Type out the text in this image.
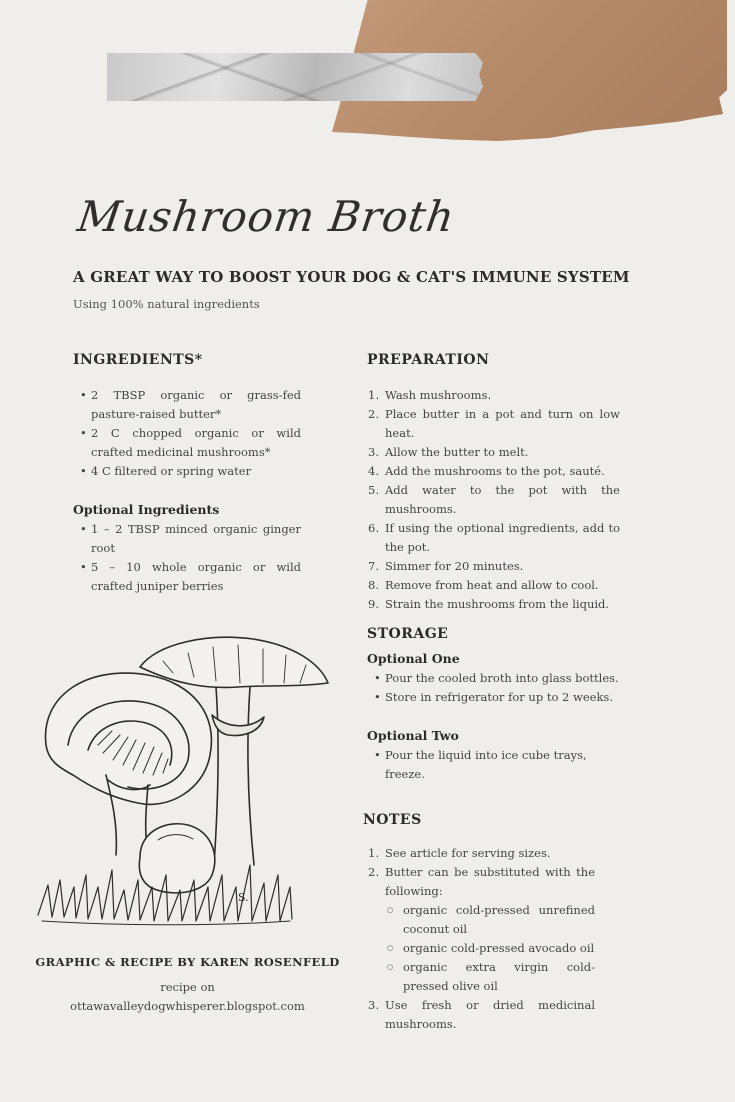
Mushroom Broth
A GREAT WAY TO BOOST YOUR DOG & CAT'S IMMUNE SYSTEM
Using 100% natural ingredients
INGREDIENTS*
• 2 TBSP organic or grass-fed pasture-raised butter*
• 2 C chopped organic or wild crafted medicinal mushrooms*
• 4 C filtered or spring water
Optional Ingredients
• 1 – 2 TBSP minced organic ginger root
• 5 – 10 whole organic or wild crafted juniper berries
PREPARATION
Wash mushrooms.
Place butter in a pot and turn on low heat.
Allow the butter to melt.
Add the mushrooms to the pot, sauté.
Add water to the pot with the mushrooms.
If using the optional ingredients, add to the pot.
Simmer for 20 minutes.
Remove from heat and allow to cool.
Strain the mushrooms from the liquid.
STORAGE
Optional One
• Pour the cooled broth into glass bottles.
• Store in refrigerator for up to 2 weeks.
Optional Two
• Pour the liquid into ice cube trays, freeze.
NOTES
See article for serving sizes.
Butter can be substituted with the following:
○ organic cold-pressed unrefined coconut oil
○ organic cold-pressed avocado oil
○ organic extra virgin cold-pressed olive oil
Use fresh or dried medicinal mushrooms.
S.
GRAPHIC & RECIPE BY KAREN ROSENFELD
recipe on
ottawavalleydogwhisperer.blogspot.com
